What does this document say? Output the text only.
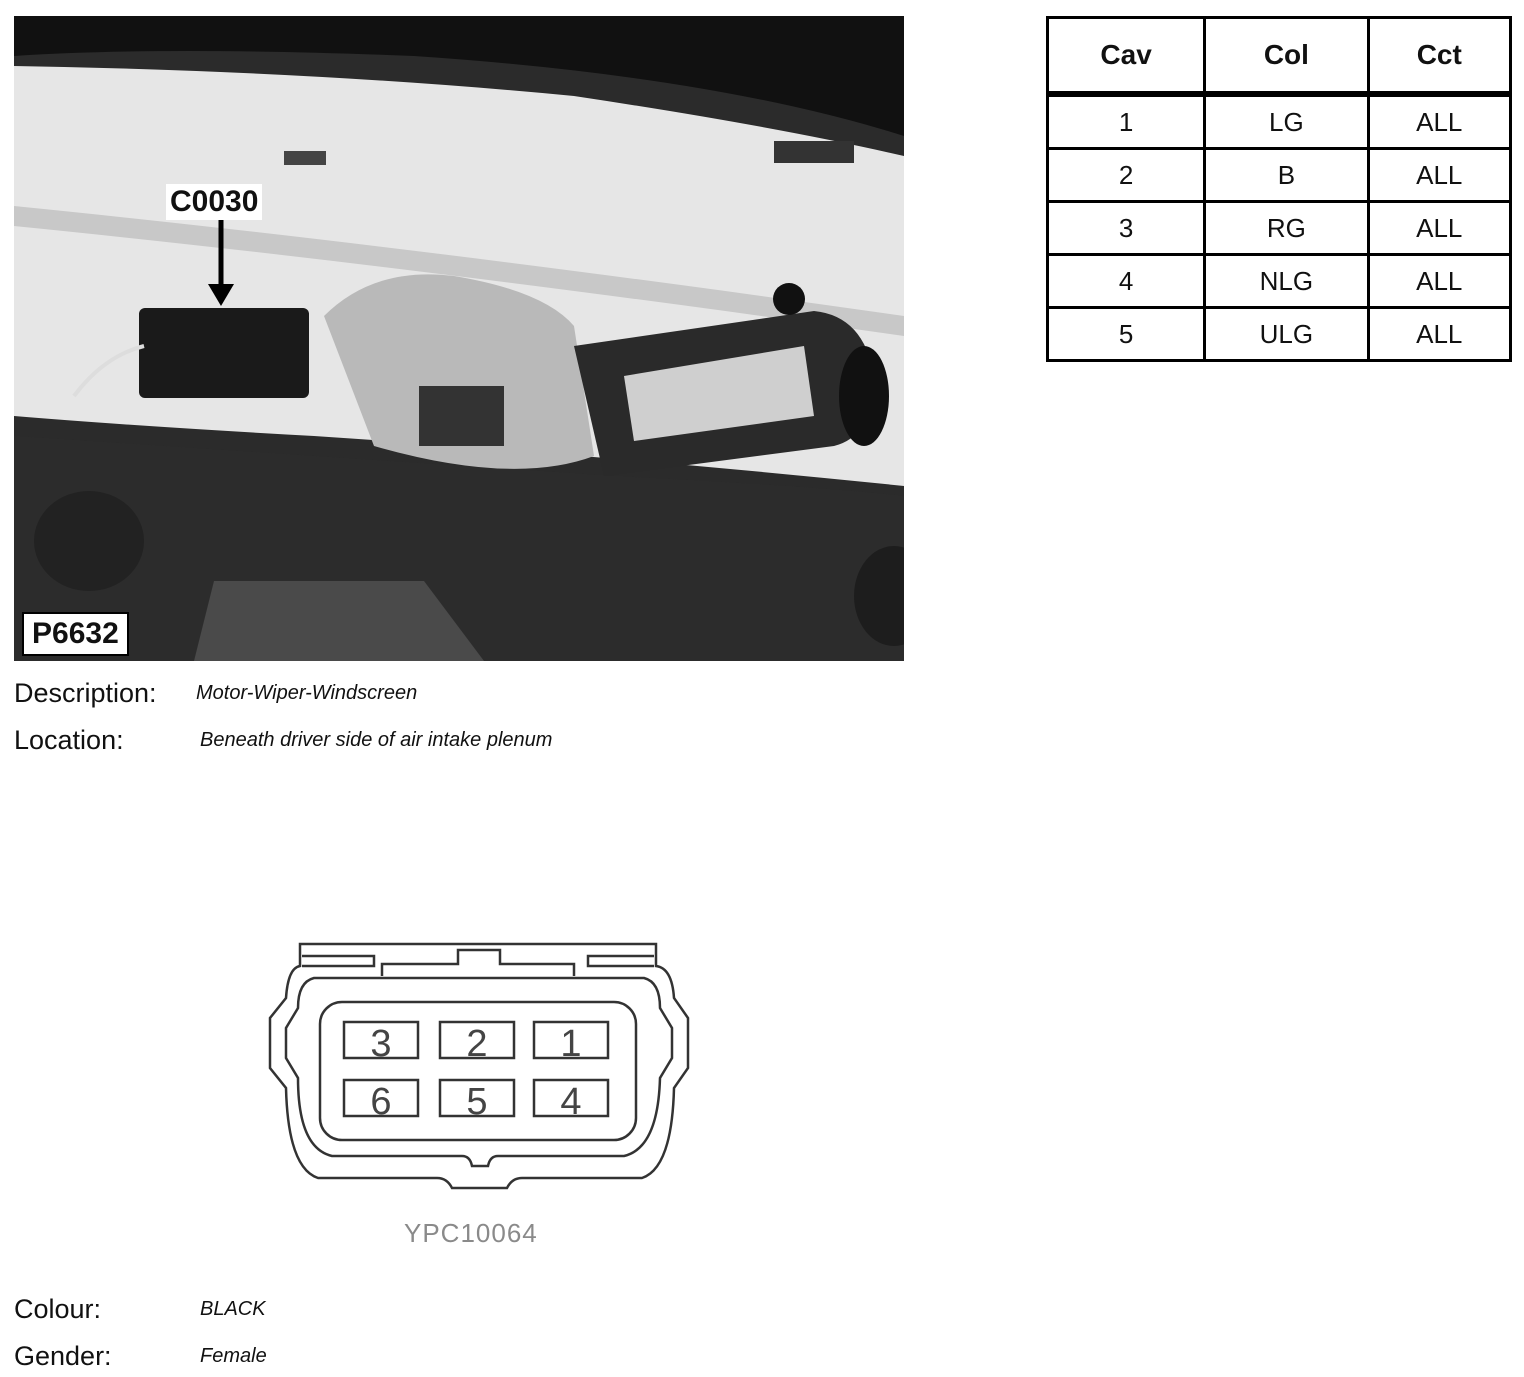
C0030
P6632
Cav	Col	Cct
1	LG	ALL
2	B	ALL
3	RG	ALL
4	NLG	ALL
5	ULG	ALL
Description: Motor-Wiper-Windscreen
Location:	Beneath driver side of air intake plenum
3 2 1
6 5 4
YPC10064
Colour:	BLACK
Gender:	Female
